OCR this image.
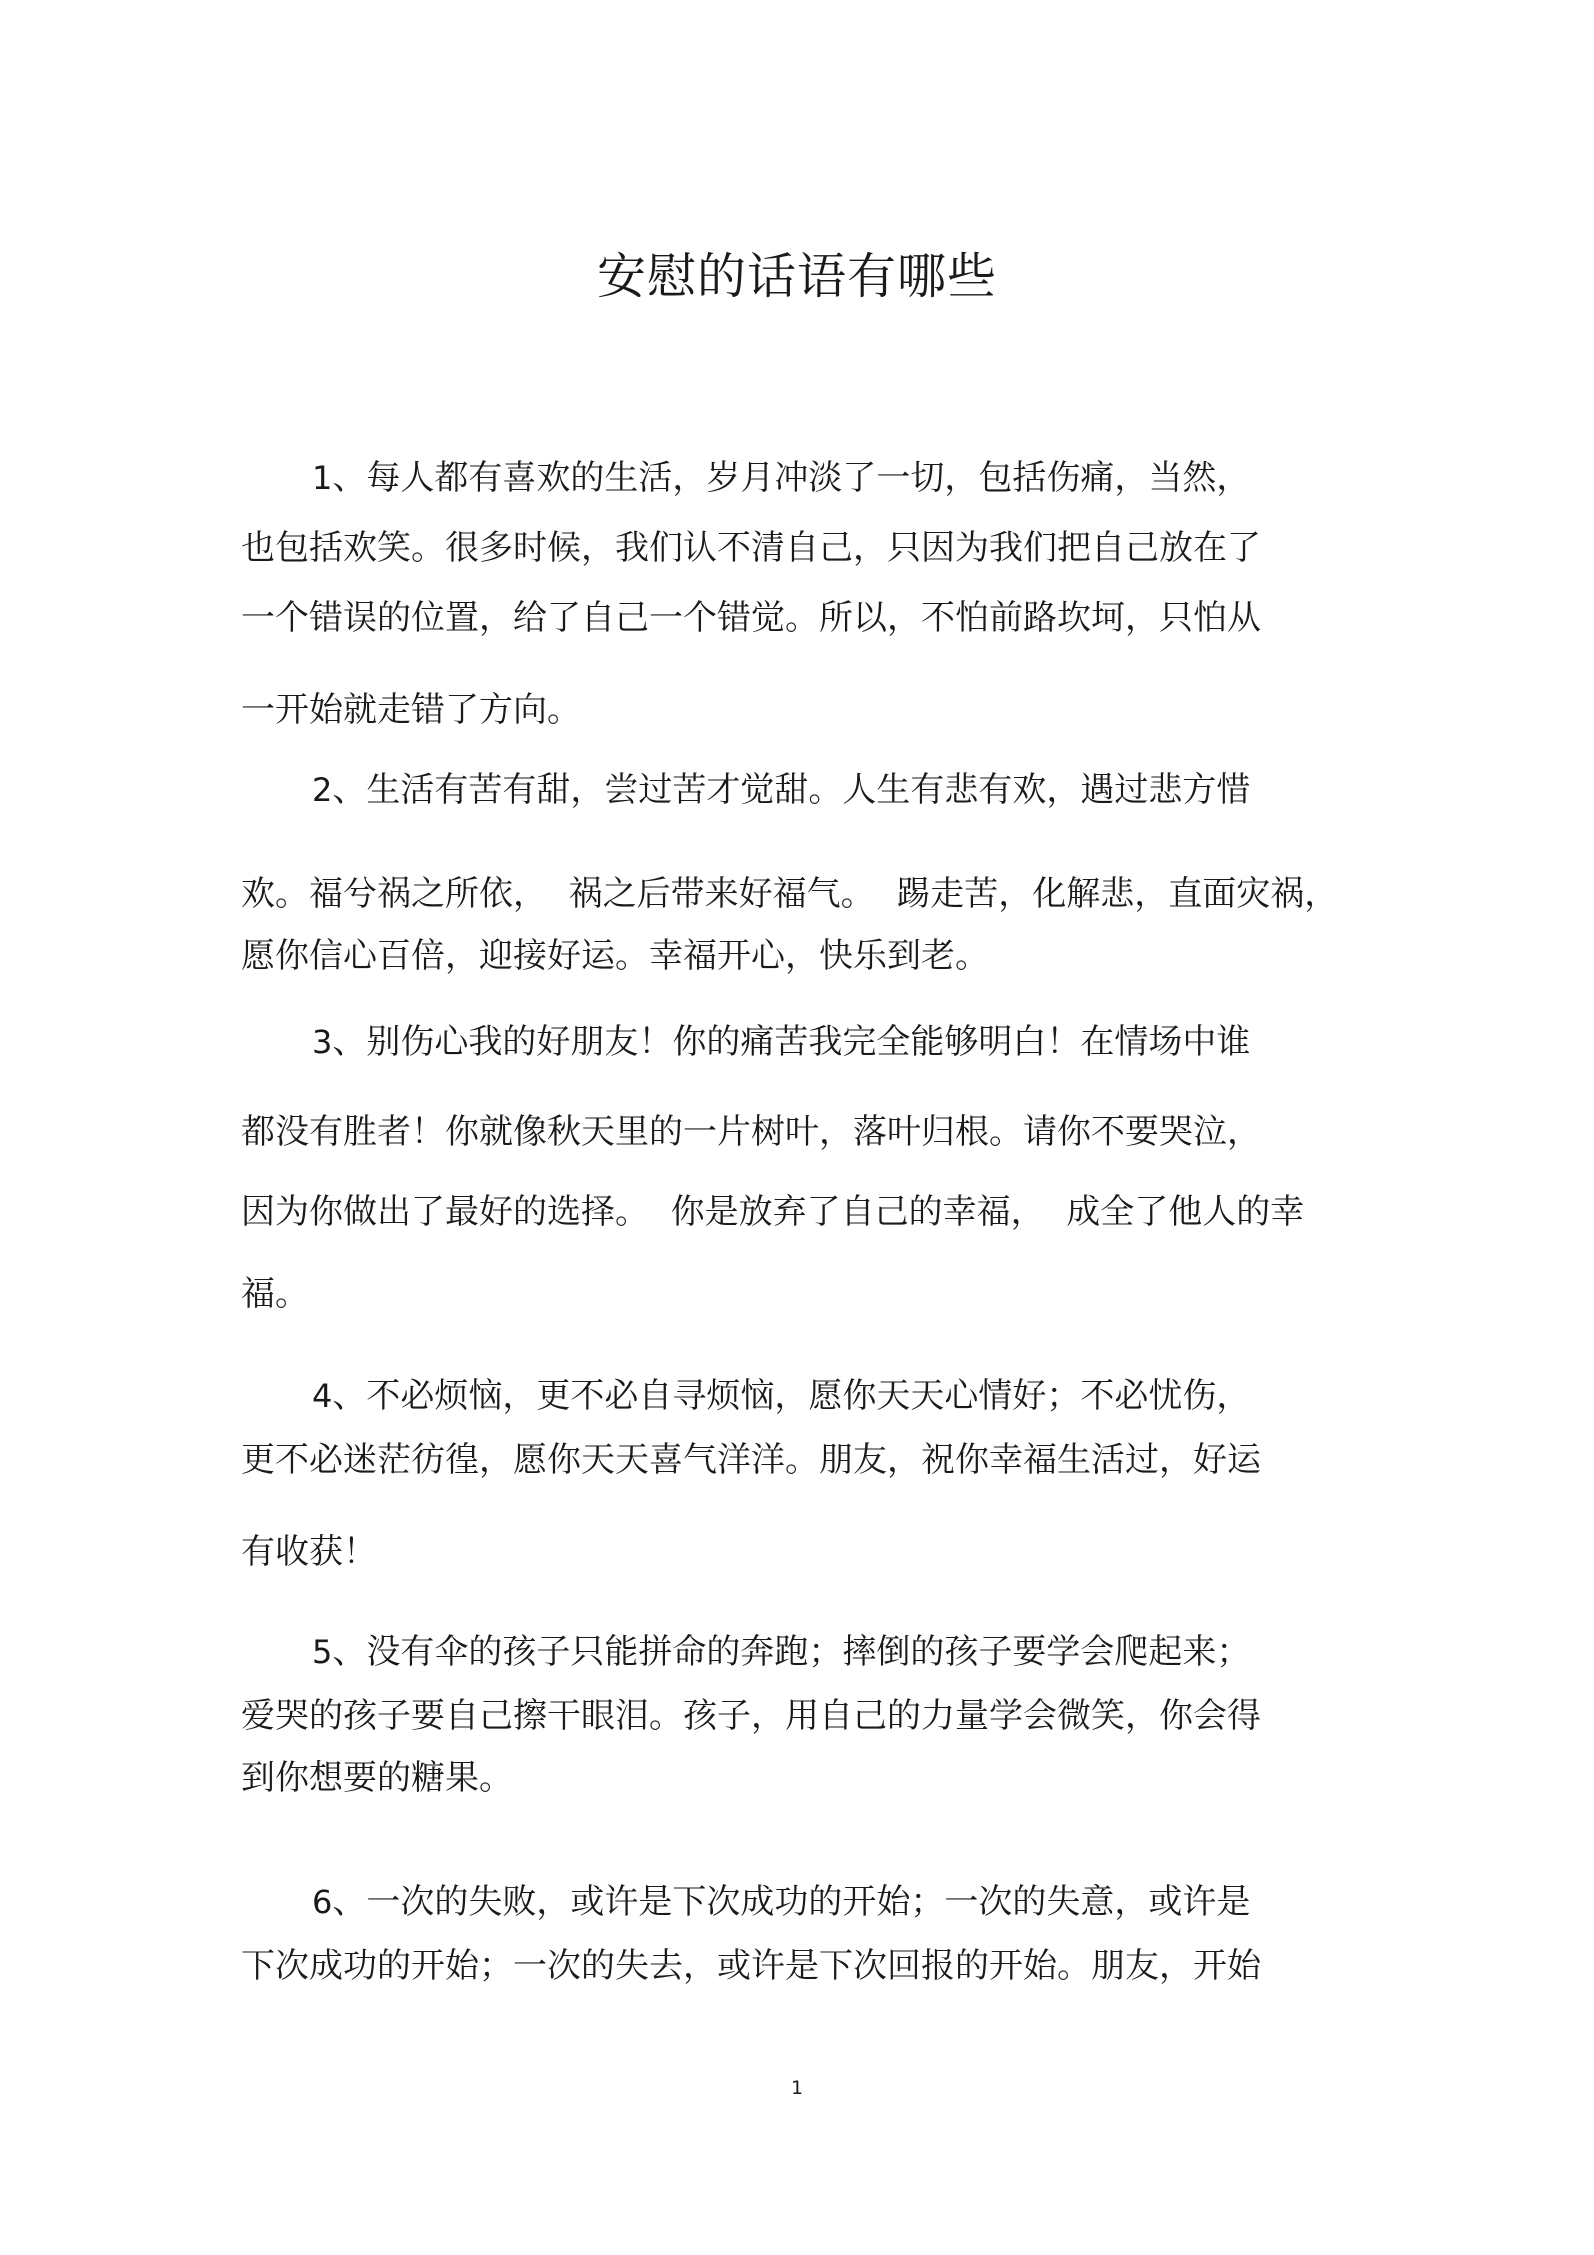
安慰的话语有哪些
1、每人都有喜欢的生活，岁月冲淡了一切，包括伤痛，当然，
也包括欢笑。很多时候，我们认不清自己，只因为我们把自己放在了
一个错误的位置，给了自己一个错觉。所以，不怕前路坎坷，只怕从
一开始就走错了方向。
2、生活有苦有甜，尝过苦才觉甜。人生有悲有欢，遇过悲方惜
欢。福兮祸之所依，  祸之后带来好福气。  踢走苦，化解悲，直面灾祸，
愿你信心百倍，迎接好运。幸福开心，快乐到老。
3、别伤心我的好朋友！你的痛苦我完全能够明白！在情场中谁
都没有胜者！你就像秋天里的一片树叶，落叶归根。请你不要哭泣，
因为你做出了最好的选择。  你是放弃了自己的幸福，  成全了他人的幸
福。
4、不必烦恼，更不必自寻烦恼，愿你天天心情好；不必忧伤，
更不必迷茫彷徨，愿你天天喜气洋洋。朋友，祝你幸福生活过，好运
有收获！
5、没有伞的孩子只能拼命的奔跑；摔倒的孩子要学会爬起来；
爱哭的孩子要自己擦干眼泪。孩子，用自己的力量学会微笑，你会得
到你想要的糖果。
6、一次的失败，或许是下次成功的开始；一次的失意，或许是
下次成功的开始；一次的失去，或许是下次回报的开始。朋友，开始
1
